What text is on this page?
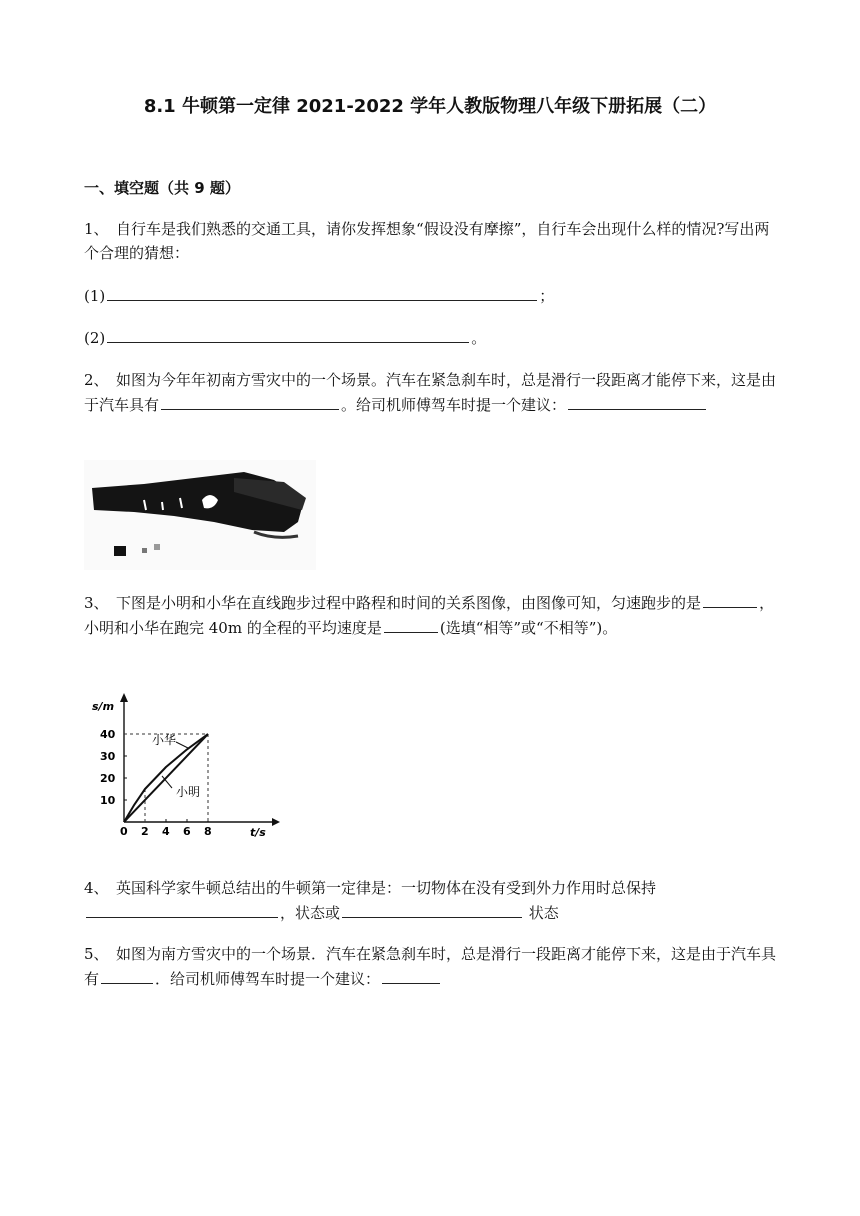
8.1 牛顿第一定律 2021-2022 学年人教版物理八年级下册拓展（二）
一、填空题（共 9 题）
1、　自行车是我们熟悉的交通工具，请你发挥想象“假设没有摩擦”，自行车会出现什么样的情况?写出两个合理的猜想：
(1)	；
(2)	。
2、　如图为今年年初南方雪灾中的一个场景。汽车在紧急刹车时，总是滑行一段距离才能停下来，这是由于汽车具有	。给司机师傅驾车时提一个建议：
3、　下图是小明和小华在直线跑步过程中路程和时间的关系图像，由图像可知，匀速跑步的是	，小明和小华在跑完 40m 的全程的平均速度是	(选填“相等”或“不相等”)。
s/m
t/s
0 2 4 6 8
10
20
30
40	小华
小明
4、　英国科学家牛顿总结出的牛顿第一定律是：一切物体在没有受到外力作用时总保持，状态或	状态
5、　如图为南方雪灾中的一个场景．汽车在紧急刹车时，总是滑行一段距离才能停下来，这是由于汽车具有	．给司机师傅驾车时提一个建议：
